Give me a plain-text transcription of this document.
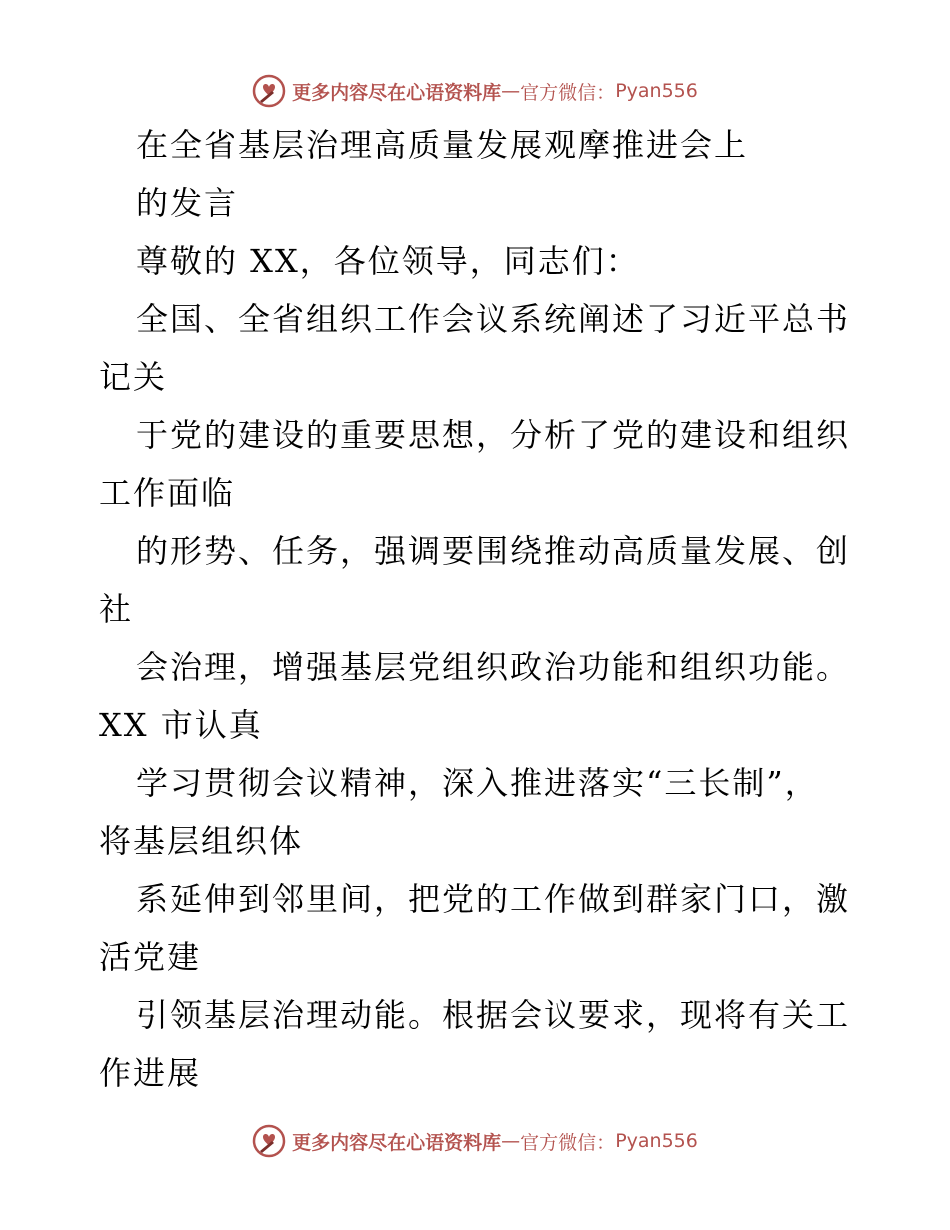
更多内容尽在心语资料库 — 官方微信： Pyan556
在全省基层治理高质量发展观摩推进会上
的发言
尊敬的 XX，各位领导，同志们：
全国、全省组织工作会议系统阐述了习近平总书
记关
于党的建设的重要思想，分析了党的建设和组织
工作面临
的形势、任务，强调要围绕推动高质量发展、创
社
会治理，增强基层党组织政治功能和组织功能。
XX 市认真
学习贯彻会议精神，深入推进落实“三长制”，
将基层组织体
系延伸到邻里间，把党的工作做到群家门口，激
活党建
引领基层治理动能。根据会议要求，现将有关工
作进展
更多内容尽在心语资料库 — 官方微信： Pyan556
